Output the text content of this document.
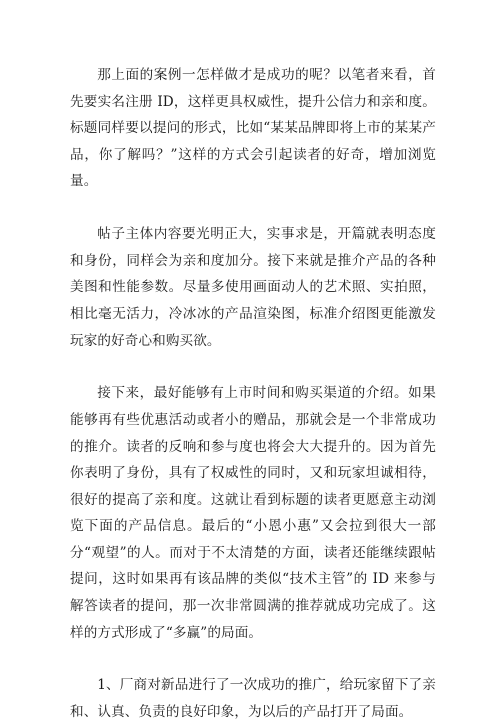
那上面的案例一怎样做才是成功的呢？以笔者来看，首先要实名注册 ID，这样更具权威性，提升公信力和亲和度。标题同样要以提问的形式，比如“某某品牌即将上市的某某产品，你了解吗？”这样的方式会引起读者的好奇，增加浏览量。

帖子主体内容要光明正大，实事求是，开篇就表明态度和身份，同样会为亲和度加分。接下来就是推介产品的各种美图和性能参数。尽量多使用画面动人的艺术照、实拍照，相比毫无活力，冷冰冰的产品渲染图，标准介绍图更能激发玩家的好奇心和购买欲。

接下来，最好能够有上市时间和购买渠道的介绍。如果能够再有些优惠活动或者小的赠品，那就会是一个非常成功的推介。读者的反响和参与度也将会大大提升的。因为首先你表明了身份，具有了权威性的同时，又和玩家坦诚相待，很好的提高了亲和度。这就让看到标题的读者更愿意主动浏览下面的产品信息。最后的“小恩小惠”又会拉到很大一部分“观望”的人。而对于不太清楚的方面，读者还能继续跟帖提问，这时如果再有该品牌的类似“技术主管”的 ID 来参与解答读者的提问，那一次非常圆满的推荐就成功完成了。这样的方式形成了“多赢”的局面。

1、厂商对新品进行了一次成功的推广，给玩家留下了亲和、认真、负责的良好印象，为以后的产品打开了局面。
